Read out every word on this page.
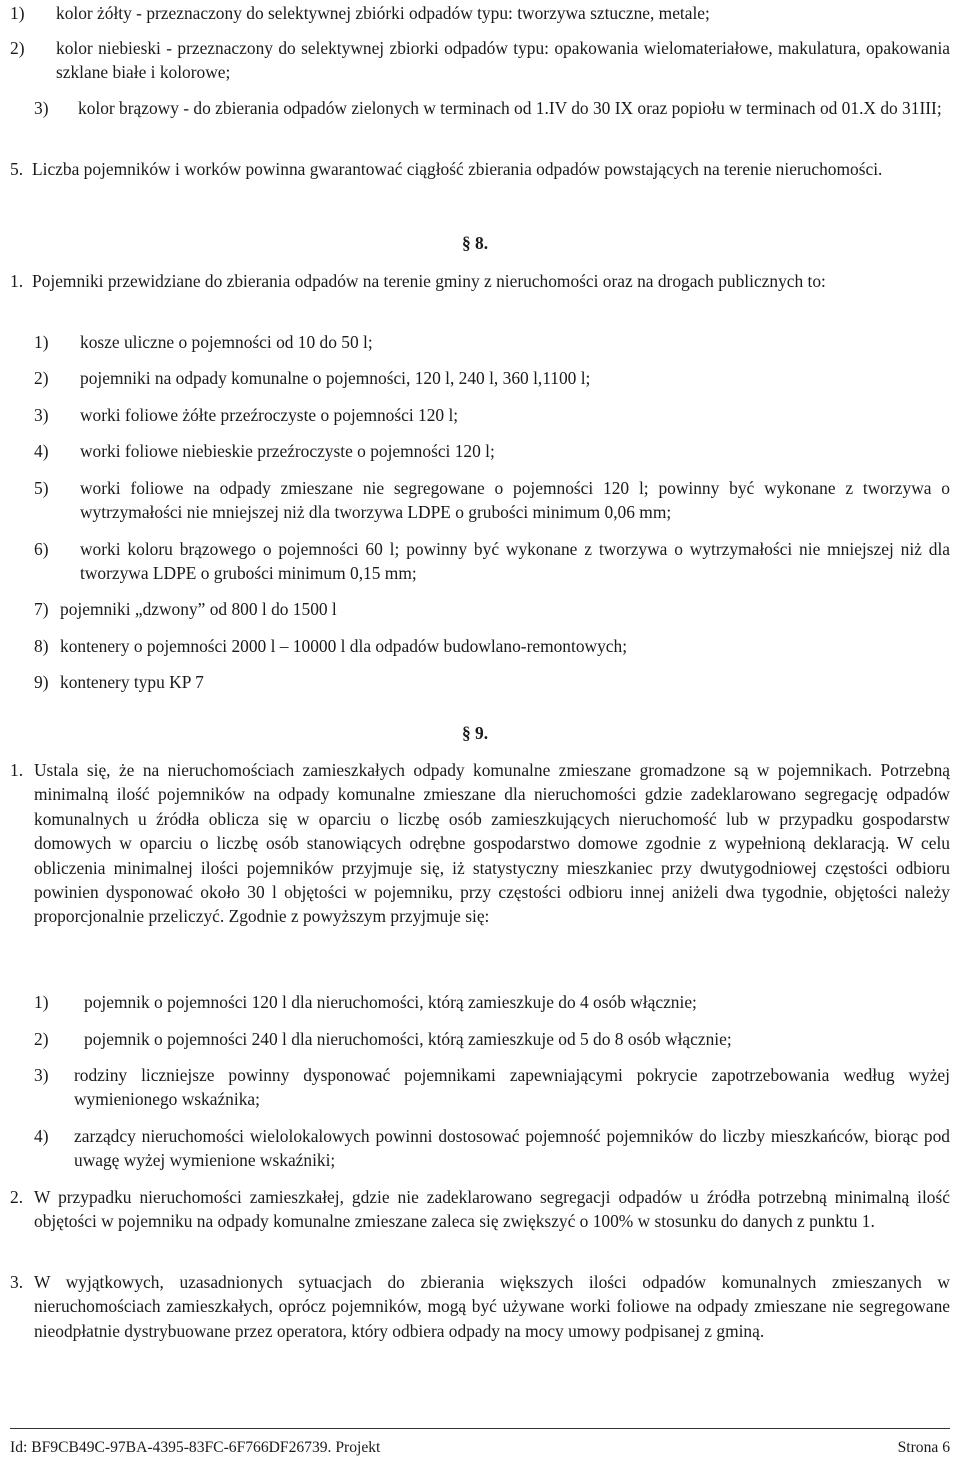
1)	kolor żółty - przeznaczony do selektywnej zbiórki odpadów typu: tworzywa sztuczne, metale;

2)	kolor niebieski - przeznaczony do selektywnej zbiorki odpadów typu: opakowania wielomateriałowe, makulatura, opakowania szklane białe i kolorowe;

3)	kolor brązowy - do zbierania odpadów zielonych w terminach od 1.IV do 30 IX oraz popiołu w terminach od 01.X do 31III;

5. Liczba pojemników i worków powinna gwarantować ciągłość zbierania odpadów powstających na terenie nieruchomości.

§ 8.
1. Pojemniki przewidziane do zbierania odpadów na terenie gminy z nieruchomości oraz na drogach publicznych to:

1)	kosze uliczne o pojemności od 10 do 50 l;

2)	pojemniki na odpady komunalne o pojemności, 120 l, 240 l, 360 l,1100 l;

3)	worki foliowe żółte przeźroczyste o pojemności 120 l;

4)	worki foliowe niebieskie przeźroczyste o pojemności 120 l;

5)	worki foliowe na odpady zmieszane nie segregowane o pojemności 120 l; powinny być wykonane z tworzywa o wytrzymałości nie mniejszej niż dla tworzywa LDPE o grubości minimum 0,06 mm;

6)	worki koloru brązowego o pojemności 60 l; powinny być wykonane z tworzywa o wytrzymałości nie mniejszej niż dla tworzywa LDPE o grubości minimum 0,15 mm;

7) pojemniki „dzwony” od 800 l do 1500 l

8) kontenery o pojemności 2000 l – 10000 l dla odpadów budowlano-remontowych;

9) kontenery typu KP 7

§ 9.
1. Ustala się, że na nieruchomościach zamieszkałych odpady komunalne zmieszane gromadzone są w pojemnikach. Potrzebną minimalną ilość pojemników na odpady komunalne zmieszane dla nieruchomości gdzie zadeklarowano segregację odpadów komunalnych u źródła oblicza się w oparciu o liczbę osób zamieszkujących nieruchomość lub w przypadku gospodarstw domowych w oparciu o liczbę osób stanowiących odrębne gospodarstwo domowe zgodnie z wypełnioną deklaracją. W celu obliczenia minimalnej ilości pojemników przyjmuje się, iż statystyczny mieszkaniec przy dwutygodniowej częstości odbioru powinien dysponować około 30 l objętości w pojemniku, przy częstości odbioru innej aniżeli dwa tygodnie, objętości należy proporcjonalnie przeliczyć. Zgodnie z powyższym przyjmuje się:

1)	pojemnik o pojemności 120 l dla nieruchomości, którą zamieszkuje do 4 osób włącznie;

2)	pojemnik o pojemności 240 l dla nieruchomości, którą zamieszkuje od 5 do 8 osób włącznie;

3)	rodziny liczniejsze powinny dysponować pojemnikami zapewniającymi pokrycie zapotrzebowania według wyżej wymienionego wskaźnika;

4)	zarządcy nieruchomości wielolokalowych powinni dostosować pojemność pojemników do liczby mieszkańców, biorąc pod uwagę wyżej wymienione wskaźniki;

2. W przypadku nieruchomości zamieszkałej, gdzie nie zadeklarowano segregacji odpadów u źródła potrzebną minimalną ilość objętości w pojemniku na odpady komunalne zmieszane zaleca się zwiększyć o 100% w stosunku do danych z punktu 1.

3. W wyjątkowych, uzasadnionych sytuacjach do zbierania większych ilości odpadów komunalnych zmieszanych w nieruchomościach zamieszkałych, oprócz pojemników, mogą być używane worki foliowe na odpady zmieszane nie segregowane nieodpłatnie dystrybuowane przez operatora, który odbiera odpady na mocy umowy podpisanej z gminą.

Id: BF9CB49C-97BA-4395-83FC-6F766DF26739. Projekt	Strona 6
